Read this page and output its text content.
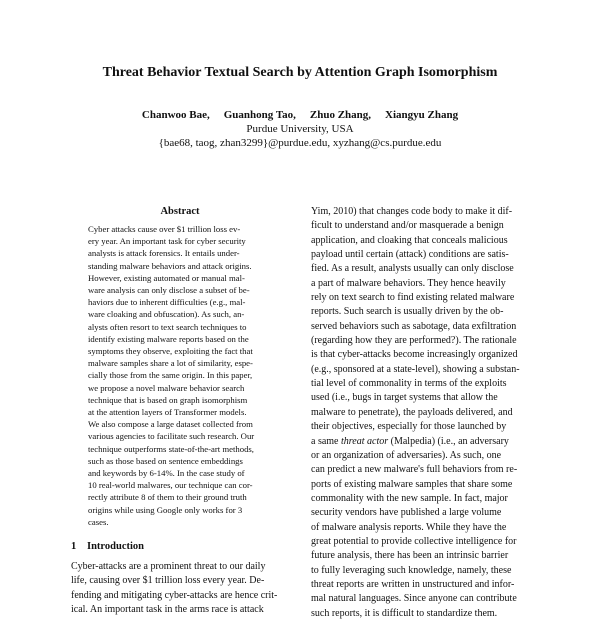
Threat Behavior Textual Search by Attention Graph Isomorphism
Chanwoo Bae, Guanhong Tao, Zhuo Zhang, Xiangyu Zhang
Purdue University, USA
{bae68, taog, zhan3299}@purdue.edu, xyzhang@cs.purdue.edu
Abstract
Cyber attacks cause over $1 trillion loss ev-
ery year. An important task for cyber security
analysts is attack forensics. It entails under-
standing malware behaviors and attack origins.
However, existing automated or manual mal-
ware analysis can only disclose a subset of be-
haviors due to inherent difficulties (e.g., mal-
ware cloaking and obfuscation). As such, an-
alysts often resort to text search techniques to
identify existing malware reports based on the
symptoms they observe, exploiting the fact that
malware samples share a lot of similarity, espe-
cially those from the same origin. In this paper,
we propose a novel malware behavior search
technique that is based on graph isomorphism
at the attention layers of Transformer models.
We also compose a large dataset collected from
various agencies to facilitate such research. Our
technique outperforms state-of-the-art methods,
such as those based on sentence embeddings
and keywords by 6-14%. In the case study of
10 real-world malwares, our technique can cor-
rectly attribute 8 of them to their ground truth
origins while using Google only works for 3
cases.
1 Introduction
Cyber-attacks are a prominent threat to our daily
life, causing over $1 trillion loss every year. De-
fending and mitigating cyber-attacks are hence crit-
ical. An important task in the arms race is attack
Yim, 2010) that changes code body to make it dif-
ficult to understand and/or masquerade a benign
application, and cloaking that conceals malicious
payload until certain (attack) conditions are satis-
fied. As a result, analysts usually can only disclose
a part of malware behaviors. They hence heavily
rely on text search to find existing related malware
reports. Such search is usually driven by the ob-
served behaviors such as sabotage, data exfiltration
(regarding how they are performed?). The rationale
is that cyber-attacks become increasingly organized
(e.g., sponsored at a state-level), showing a substan-
tial level of commonality in terms of the exploits
used (i.e., bugs in target systems that allow the
malware to penetrate), the payloads delivered, and
their objectives, especially for those launched by
a same threat actor (Malpedia) (i.e., an adversary
or an organization of adversaries). As such, one
can predict a new malware's full behaviors from re-
ports of existing malware samples that share some
commonality with the new sample. In fact, major
security vendors have published a large volume
of malware analysis reports. While they have the
great potential to provide collective intelligence for
future analysis, there has been an intrinsic barrier
to fully leveraging such knowledge, namely, these
threat reports are written in unstructured and infor-
mal natural languages. Since anyone can contribute
such reports, it is difficult to standardize them.
